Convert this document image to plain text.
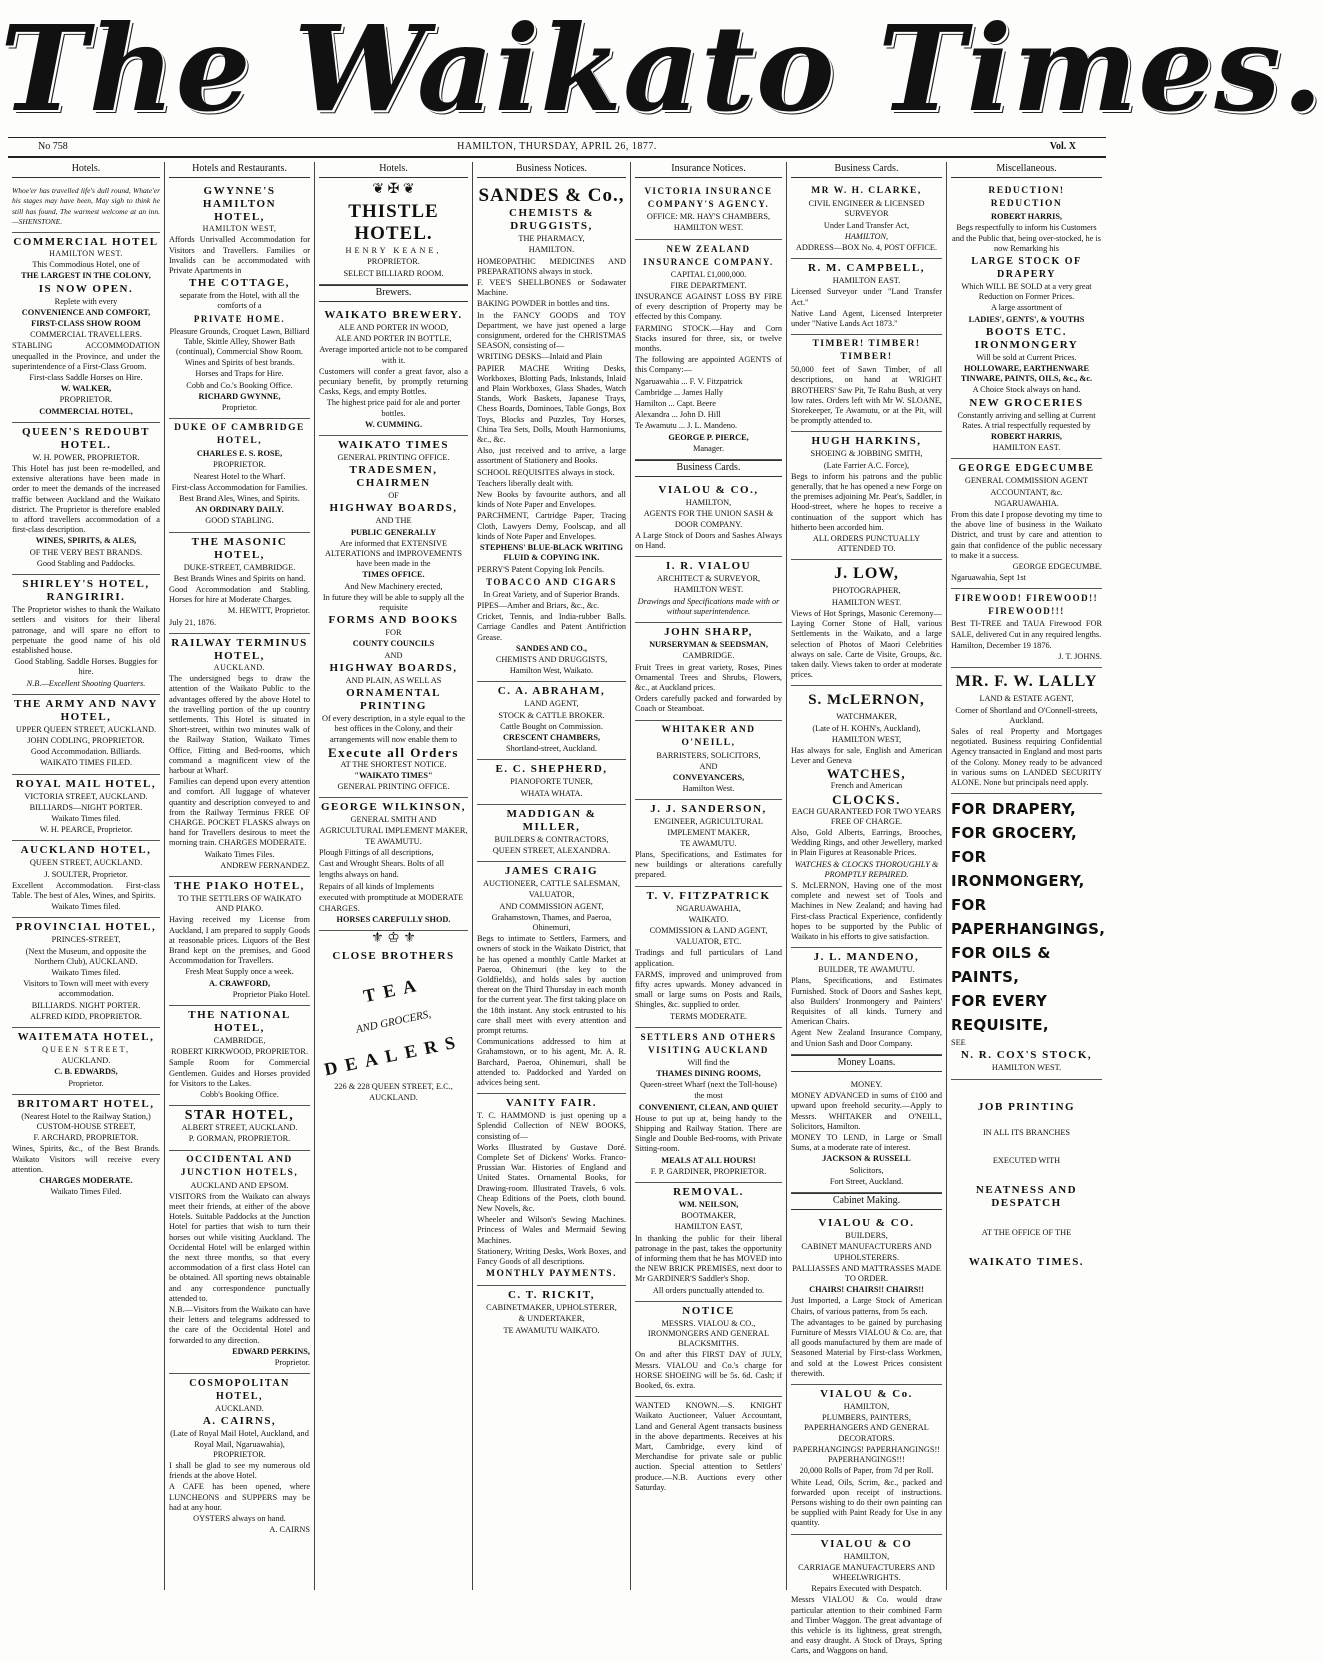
The Waikato Times.
No 758	HAMILTON, THURSDAY, APRIL 26, 1877.	Vol. X
Hotels.

Whoe'er has travelled life's dull round, Whate'er his stages may have been, May sigh to think he still has found, The warmest welcome at an inn. —SHENSTONE.

COMMERCIAL HOTEL
HAMILTON WEST.

This Commodious Hotel, one of

THE LARGEST IN THE COLONY,

IS NOW OPEN.

Replete with every

CONVENIENCE AND COMFORT,

FIRST-CLASS SHOW ROOM

COMMERCIAL TRAVELLERS.

STABLING ACCOMMODATION unequalled in the Province, and under the superintendence of a First-Class Groom.

First-class Saddle Horses on Hire.

W. WALKER,

PROPRIETOR.

COMMERCIAL HOTEL,

QUEEN'S REDOUBT HOTEL.

W. H. POWER, PROPRIETOR.

This Hotel has just been re-modelled, and extensive alterations have been made in order to meet the demands of the increased traffic between Auckland and the Waikato district. The Proprietor is therefore enabled to afford travellers accommodation of a first-class description.

WINES, SPIRITS, & ALES,

OF THE VERY BEST BRANDS.

Good Stabling and Paddocks.

SHIRLEY'S HOTEL, RANGIRIRI.

The Proprietor wishes to thank the Waikato settlers and visitors for their liberal patronage, and will spare no effort to perpetuate the good name of his old established house.

Good Stabling. Saddle Horses. Buggies for hire.

N.B.—Excellent Shooting Quarters.

THE ARMY AND NAVY HOTEL,

UPPER QUEEN STREET, AUCKLAND.

JOHN CODLING, PROPRIETOR.

Good Accommodation. Billiards.

WAIKATO TIMES FILED.

ROYAL MAIL HOTEL,

VICTORIA STREET, AUCKLAND.

BILLIARDS—NIGHT PORTER.

Waikato Times filed.

W. H. PEARCE, Proprietor.

AUCKLAND HOTEL,

QUEEN STREET, AUCKLAND.

J. SOULTER, Proprietor.

Excellent Accommodation. First-class Table. The best of Ales, Wines, and Spirits.

Waikato Times filed.

PROVINCIAL HOTEL,

PRINCES-STREET,

(Next the Museum, and opposite the Northern Club), AUCKLAND.

Waikato Times filed.

Visitors to Town will meet with every accommodation.

BILLIARDS. NIGHT PORTER.

ALFRED KIDD, PROPRIETOR.

WAITEMATA HOTEL,

QUEEN STREET,

AUCKLAND.

C. B. EDWARDS,

Proprietor.

BRITOMART HOTEL,

(Nearest Hotel to the Railway Station,) CUSTOM-HOUSE STREET,

F. ARCHARD, PROPRIETOR.

Wines, Spirits, &c., of the Best Brands. Waikato Visitors will receive every attention.

CHARGES MODERATE.

Waikato Times Filed.

Hotels and Restaurants.
GWYNNE'S HAMILTON
HOTEL,
HAMILTON WEST,

Affords Unrivalled Accommodation for Visitors and Travellers. Families or Invalids can be accommodated with Private Apartments in

THE COTTAGE,

separate from the Hotel, with all the comforts of a

PRIVATE HOME.

Pleasure Grounds, Croquet Lawn, Billiard Table, Skittle Alley, Shower Bath (continual), Commercial Show Room.

Wines and Spirits of best brands.

Horses and Traps for Hire.

Cobb and Co.'s Booking Office.

RICHARD GWYNNE,

Proprietor.

DUKE OF CAMBRIDGE HOTEL,

CHARLES E. S. ROSE,

PROPRIETOR.

Nearest Hotel to the Wharf.

First-class Accommodation for Families.

Best Brand Ales, Wines, and Spirits.

AN ORDINARY DAILY.

GOOD STABLING.

THE MASONIC HOTEL,

DUKE-STREET, CAMBRIDGE.

Best Brands Wines and Spirits on hand.

Good Accommodation and Stabling. Horses for hire at Moderate Charges.

M. HEWITT, Proprietor.

July 21, 1876.

RAILWAY TERMINUS
HOTEL,
AUCKLAND.

The undersigned begs to draw the attention of the Waikato Public to the advantages offered by the above Hotel to the travelling portion of the up country settlements. This Hotel is situated in Short-street, within two minutes walk of the Railway Station, Waikato Times Office, Fitting and Bed-rooms, which command a magnificent view of the harbour at Wharf.

Families can depend upon every attention and comfort. All luggage of whatever quantity and description conveyed to and from the Railway Terminus FREE OF CHARGE. POCKET FLASKS always on hand for Travellers desirous to meet the morning train. CHARGES MODERATE.

Waikato Times Files.

ANDREW FERNANDEZ.

THE PIAKO HOTEL,

TO THE SETTLERS OF WAIKATO AND PIAKO.

Having received my License from Auckland, I am prepared to supply Goods at reasonable prices. Liquors of the Best Brand kept on the premises, and Good Accommodation for Travellers.

Fresh Meat Supply once a week.

A. CRAWFORD,

Proprietor Piako Hotel.

THE NATIONAL HOTEL,

CAMBRIDGE,

ROBERT KIRKWOOD, PROPRIETOR.

Sample Room for Commercial Gentlemen. Guides and Horses provided for Visitors to the Lakes.

Cobb's Booking Office.

STAR HOTEL,

ALBERT STREET, AUCKLAND.

P. GORMAN, PROPRIETOR.

OCCIDENTAL AND JUNCTION HOTELS,

AUCKLAND AND EPSOM.

VISITORS from the Waikato can always meet their friends, at either of the above Hotels. Suitable Paddocks at the Junction Hotel for parties that wish to turn their horses out while visiting Auckland. The Occidental Hotel will be enlarged within the next three months, so that every accommodation of a first class Hotel can be obtained. All sporting news obtainable and any correspondence punctually attended to.

N.B.—Visitors from the Waikato can have their letters and telegrams addressed to the care of the Occidental Hotel and forwarded to any direction.

EDWARD PERKINS,

Proprietor.

COSMOPOLITAN HOTEL,

AUCKLAND.

A. CAIRNS,

(Late of Royal Mail Hotel, Auckland, and Royal Mail, Ngaruawahia), PROPRIETOR.

I shall be glad to see my numerous old friends at the above Hotel.

A CAFE has been opened, where LUNCHEONS and SUPPERS may be had at any hour.

OYSTERS always on hand.

A. CAIRNS

Hotels.
❦ ✠ ❦
THISTLE HOTEL.

HENRY KEANE,

PROPRIETOR.

SELECT BILLIARD ROOM.

Brewers.
WAIKATO BREWERY.

ALE AND PORTER IN WOOD,

ALE AND PORTER IN BOTTLE,

Average imported article not to be compared with it.

Customers will confer a great favor, also a pecuniary benefit, by promptly returning Casks, Kegs, and empty Bottles.

The highest price paid for ale and porter bottles.

W. CUMMING.

WAIKATO TIMES

GENERAL PRINTING OFFICE.

TRADESMEN, CHAIRMEN

OF

HIGHWAY BOARDS,

AND THE

PUBLIC GENERALLY

Are informed that EXTENSIVE ALTERATIONS and IMPROVEMENTS have been made in the

TIMES OFFICE.

And New Machinery erected,

In future they will be able to supply all the requisite

FORMS AND BOOKS

FOR

COUNTY COUNCILS

AND

HIGHWAY BOARDS,

AND PLAIN, AS WELL AS

ORNAMENTAL PRINTING

Of every description, in a style equal to the best offices in the Colony, and their arrangements will now enable them to

Execute all Orders

AT THE SHORTEST NOTICE.

"WAIKATO TIMES"

GENERAL PRINTING OFFICE.

GEORGE WILKINSON,

GENERAL SMITH AND AGRICULTURAL IMPLEMENT MAKER,

TE AWAMUTU.

Plough Fittings of all descriptions,

Cast and Wrought Shears. Bolts of all

lengths always on hand.

Repairs of all kinds of Implements

executed with promptitude at MODERATE

CHARGES.

HORSES CAREFULLY SHOD.

⚜ ♔ ⚜
CLOSE BROTHERS
TEA

AND GROCERS,

DEALERS

226 & 228 QUEEN STREET, E.C.,

AUCKLAND.

Business Notices.
SANDES & Co.,
CHEMISTS & DRUGGISTS,

THE PHARMACY,

HAMILTON.

HOMEOPATHIC MEDICINES AND PREPARATIONS always in stock.

F. VEE'S SHELLBONES or Sodawater Machine.

BAKING POWDER in bottles and tins.

In the FANCY GOODS and TOY Department, we have just opened a large consignment, ordered for the CHRISTMAS SEASON, consisting of—

WRITING DESKS—Inlaid and Plain

PAPIER MACHE Writing Desks, Workboxes, Blotting Pads, Inkstands, Inlaid and Plain Workboxes, Glass Shades, Watch Stands, Work Baskets, Japanese Trays, Chess Boards, Dominoes, Table Gongs, Box Toys, Blocks and Puzzles, Toy Horses, China Tea Sets, Dolls, Mouth Harmoniums, &c., &c.

Also, just received and to arrive, a large assortment of Stationery and Books.

SCHOOL REQUISITES always in stock.

Teachers liberally dealt with.

New Books by favourite authors, and all kinds of Note Paper and Envelopes.

PARCHMENT, Cartridge Paper, Tracing Cloth, Lawyers Demy, Foolscap, and all kinds of Note Paper and Envelopes.

STEPHENS' BLUE-BLACK WRITING FLUID & COPYING INK.

PERRY'S Patent Copying Ink Pencils.

TOBACCO AND CIGARS

In Great Variety, and of Superior Brands.

PIPES—Amber and Briars, &c., &c.

Cricket, Tennis, and India-rubber Balls. Carriage Candles and Patent Antifriction Grease.

SANDES AND CO.,

CHEMISTS AND DRUGGISTS,

Hamilton West, Waikato.

C. A. ABRAHAM,

LAND AGENT,

STOCK & CATTLE BROKER.

Cattle Bought on Commission.

CRESCENT CHAMBERS,

Shortland-street, Auckland.

E. C. SHEPHERD,

PIANOFORTE TUNER,

WHATA WHATA.

MADDIGAN & MILLER,

BUILDERS & CONTRACTORS,

QUEEN STREET, ALEXANDRA.

JAMES CRAIG

AUCTIONEER, CATTLE SALESMAN,

VALUATOR,

AND COMMISSION AGENT,

Grahamstown, Thames, and Paeroa, Ohinemuri,

Begs to intimate to Settlers, Farmers, and owners of stock in the Waikato District, that he has opened a monthly Cattle Market at Paeroa, Ohinemuri (the key to the Goldfields), and holds sales by auction thereat on the Third Thursday in each month for the current year. The first taking place on the 18th instant. Any stock entrusted to his care shall meet with every attention and prompt returns.

Communications addressed to him at Grahamstown, or to his agent, Mr. A. R. Barchard, Paeroa, Ohinemuri, shall be attended to. Paddocked and Yarded on advices being sent.

VANITY FAIR.

T. C. HAMMOND is just opening up a Splendid Collection of NEW BOOKS, consisting of—

Works Illustrated by Gustave Doré. Complete Set of Dickens' Works. Franco-Prussian War. Histories of England and United States. Ornamental Books, for Drawing-room. Illustrated Travels, 6 vols. Cheap Editions of the Poets, cloth bound. New Novels, &c.

Wheeler and Wilson's Sewing Machines. Princess of Wales and Mermaid Sewing Machines.

Stationery, Writing Desks, Work Boxes, and Fancy Goods of all descriptions.

MONTHLY PAYMENTS.
C. T. RICKIT,

CABINETMAKER, UPHOLSTERER,

& UNDERTAKER,

TE AWAMUTU WAIKATO.

Insurance Notices.
VICTORIA INSURANCE COMPANY'S AGENCY.

OFFICE: MR. HAY'S CHAMBERS,

HAMILTON WEST.

NEW ZEALAND INSURANCE COMPANY.

CAPITAL £1,000,000.

FIRE DEPARTMENT.

INSURANCE AGAINST LOSS BY FIRE of every description of Property may be effected by this Company.

FARMING STOCK.—Hay and Corn Stacks insured for three, six, or twelve months.

The following are appointed AGENTS of this Company:—

Ngaruawahia ... F. V. Fitzpatrick

Cambridge ... James Hally

Hamilton ... Capt. Beere

Alexandra ... John D. Hill

Te Awamutu ... J. L. Mandeno.

GEORGE P. PIERCE,

Manager.

Business Cards.
VIALOU & CO.,

HAMILTON,

AGENTS FOR THE UNION SASH & DOOR COMPANY.

A Large Stock of Doors and Sashes Always on Hand.

I. R. VIALOU

ARCHITECT & SURVEYOR,

HAMILTON WEST.

Drawings and Specifications made with or without superintendence.

JOHN SHARP,

NURSERYMAN & SEEDSMAN,

CAMBRIDGE.

Fruit Trees in great variety, Roses, Pines Ornamental Trees and Shrubs, Flowers, &c., at Auckland prices.

Orders carefully packed and forwarded by Coach or Steamboat.

WHITAKER AND O'NEILL,

BARRISTERS, SOLICITORS,

AND

CONVEYANCERS,

Hamilton West.

J. J. SANDERSON,

ENGINEER, AGRICULTURAL IMPLEMENT MAKER,

TE AWAMUTU.

Plans, Specifications, and Estimates for new buildings or alterations carefully prepared.

T. V. FITZPATRICK

NGARUAWAHIA,

WAIKATO.

COMMISSION & LAND AGENT,

VALUATOR, ETC.

Tradings and full particulars of Land application.

FARMS, improved and unimproved from fifty acres upwards. Money advanced in small or large sums on Posts and Rails, Shingles, &c. supplied to order.

TERMS MODERATE.

SETTLERS AND OTHERS VISITING AUCKLAND

Will find the

THAMES DINING ROOMS,

Queen-street Wharf (next the Toll-house)

the most

CONVENIENT, CLEAN, AND QUIET

House to put up at, being handy to the Shipping and Railway Station. There are Single and Double Bed-rooms, with Private Sitting-room.

MEALS AT ALL HOURS!

F. P. GARDINER, PROPRIETOR.

REMOVAL.

WM. NEILSON,

BOOTMAKER,

HAMILTON EAST,

In thanking the public for their liberal patronage in the past, takes the opportunity of informing them that he has MOVED into the NEW BRICK PREMISES, next door to Mr GARDINER'S Saddler's Shop.

All orders punctually attended to.

NOTICE

MESSRS. VIALOU & CO., IRONMONGERS AND GENERAL BLACKSMITHS.

On and after this FIRST DAY of JULY, Messrs. VIALOU and Co.'s charge for HORSE SHOEING will be 5s. 6d. Cash; if Booked, 6s. extra.

WANTED KNOWN.—S. KNIGHT Waikato Auctioneer, Valuer Accountant, Land and General Agent transacts business in the above departments. Receives at his Mart, Cambridge, every kind of Merchandise for private sale or public auction. Special attention to Settlers' produce.—N.B. Auctions every other Saturday.

Business Cards.
MR W. H. CLARKE,

CIVIL ENGINEER & LICENSED SURVEYOR

Under Land Transfer Act,

HAMILTON,

ADDRESS—BOX No. 4, POST OFFICE.

R. M. CAMPBELL,

HAMILTON EAST.

Licensed Surveyor under "Land Transfer Act."

Native Land Agent, Licensed Interpreter under "Native Lands Act 1873."

TIMBER! TIMBER! TIMBER!

50,000 feet of Sawn Timber, of all descriptions, on hand at WRIGHT BROTHERS' Saw Pit, Te Rahu Bush, at very low rates. Orders left with Mr W. SLOANE, Storekeeper, Te Awamutu, or at the Pit, will be promptly attended to.

HUGH HARKINS,

SHOEING & JOBBING SMITH,

(Late Farrier A.C. Force),

Begs to inform his patrons and the public generally, that he has opened a new Forge on the premises adjoining Mr. Peat's, Saddler, in Hood-street, where he hopes to receive a continuation of the support which has hitherto been accorded him.

ALL ORDERS PUNCTUALLY ATTENDED TO.

J. LOW,

PHOTOGRAPHER,

HAMILTON WEST.

Views of Hot Springs, Masonic Ceremony—Laying Corner Stone of Hall, various Settlements in the Waikato, and a large selection of Photos of Maori Celebrities always on sale. Carte de Visite, Groups, &c. taken daily. Views taken to order at moderate prices.

S. McLERNON,

WATCHMAKER,

(Late of H. KOHN's, Auckland),

HAMILTON WEST,

Has always for sale, English and American Lever and Geneva

WATCHES,

French and American

CLOCKS.

EACH GUARANTEED FOR TWO YEARS FREE OF CHARGE.

Also, Gold Alberts, Earrings, Brooches, Wedding Rings, and other Jewellery, marked in Plain Figures at Reasonable Prices.

WATCHES & CLOCKS THOROUGHLY & PROMPTLY REPAIRED.

S. McLERNON, Having one of the most complete and newest set of Tools and Machines in New Zealand; and having had First-class Practical Experience, confidently hopes to be supported by the Public of Waikato in his efforts to give satisfaction.

J. L. MANDENO,

BUILDER, TE AWAMUTU.

Plans, Specifications, and Estimates Furnished. Stock of Doors and Sashes kept, also Builders' Ironmongery and Painters' Requisites of all kinds. Turnery and American Chairs.

Agent New Zealand Insurance Company, and Union Sash and Door Company.

Money Loans.

MONEY.

MONEY ADVANCED in sums of £100 and upward upon freehold security.—Apply to Messrs. WHITAKER and O'NEILL, Solicitors, Hamilton.

MONEY TO LEND, in Large or Small Sums, at a moderate rate of interest.

JACKSON & RUSSELL

Solicitors,

Fort Street, Auckland.

Cabinet Making.
VIALOU & CO.

BUILDERS,

CABINET MANUFACTURERS AND UPHOLSTERERS.

PALLIASSES AND MATTRASSES MADE TO ORDER.

CHAIRS! CHAIRS!! CHAIRS!!

Just Imported, a Large Stock of American Chairs, of various patterns, from 5s each.

The advantages to be gained by purchasing Furniture of Messrs VIALOU & Co. are, that all goods manufactured by them are made of Seasoned Material by First-class Workmen, and sold at the Lowest Prices consistent therewith.

VIALOU & Co.

HAMILTON,

PLUMBERS, PAINTERS, PAPERHANGERS AND GENERAL DECORATORS.

PAPERHANGINGS! PAPERHANGINGS!! PAPERHANGINGS!!!

20,000 Rolls of Paper, from 7d per Roll.

White Lead, Oils, Scrim, &c., packed and forwarded upon receipt of instructions. Persons wishing to do their own painting can be supplied with Paint Ready for Use in any quantity.

VIALOU & CO

HAMILTON,

CARRIAGE MANUFACTURERS AND WHEELWRIGHTS.

Repairs Executed with Despatch.

Messrs VIALOU & Co. would draw particular attention to their combined Farm and Timber Waggon. The great advantage of this vehicle is its lightness, great strength, and easy draught. A Stock of Drays, Spring Carts, and Waggons on hand.

Miscellaneous.
REDUCTION! REDUCTION

ROBERT HARRIS,

Begs respectfully to inform his Customers and the Public that, being over-stocked, he is now Remarking his

LARGE STOCK OF DRAPERY

Which WILL BE SOLD at a very great Reduction on Former Prices.

A large assortment of

LADIES', GENTS', & YOUTHS

BOOTS ETC.
IRONMONGERY

Will be sold at Current Prices.

HOLLOWARE, EARTHENWARE TINWARE, PAINTS, OILS, &c., &c.

A Choice Stock always on hand.

NEW GROCERIES

Constantly arriving and selling at Current Rates. A trial respectfully requested by

ROBERT HARRIS,

HAMILTON EAST.

GEORGE EDGECUMBE

GENERAL COMMISSION AGENT

ACCOUNTANT, &c.

NGARUAWAHIA.

From this date I propose devoting my time to the above line of business in the Waikato District, and trust by care and attention to gain that confidence of the public necessary to make it a success.

GEORGE EDGECUMBE.

Ngaruawahia, Sept 1st

FIREWOOD! FIREWOOD!! FIREWOOD!!!

Best TI-TREE and TAUA Firewood FOR SALE, delivered Cut in any required lengths.

Hamilton, December 19 1876.

J. T. JOHNS.

MR. F. W. LALLY

LAND & ESTATE AGENT,

Corner of Shortland and O'Connell-streets, Auckland.

Sales of real Property and Mortgages negotiated. Business requiring Confidential Agency transacted in England and most parts of the Colony. Money ready to be advanced in various sums on LANDED SECURITY ALONE. None but principals need apply.

FOR DRAPERY,
FOR GROCERY,
FOR IRONMONGERY,
FOR PAPERHANGINGS,
FOR OILS & PAINTS,
FOR EVERY REQUISITE,

SEE

N. R. COX'S STOCK,

HAMILTON WEST.

JOB PRINTING

IN ALL ITS BRANCHES

EXECUTED WITH

NEATNESS AND DESPATCH

AT THE OFFICE OF THE

WAIKATO TIMES.
